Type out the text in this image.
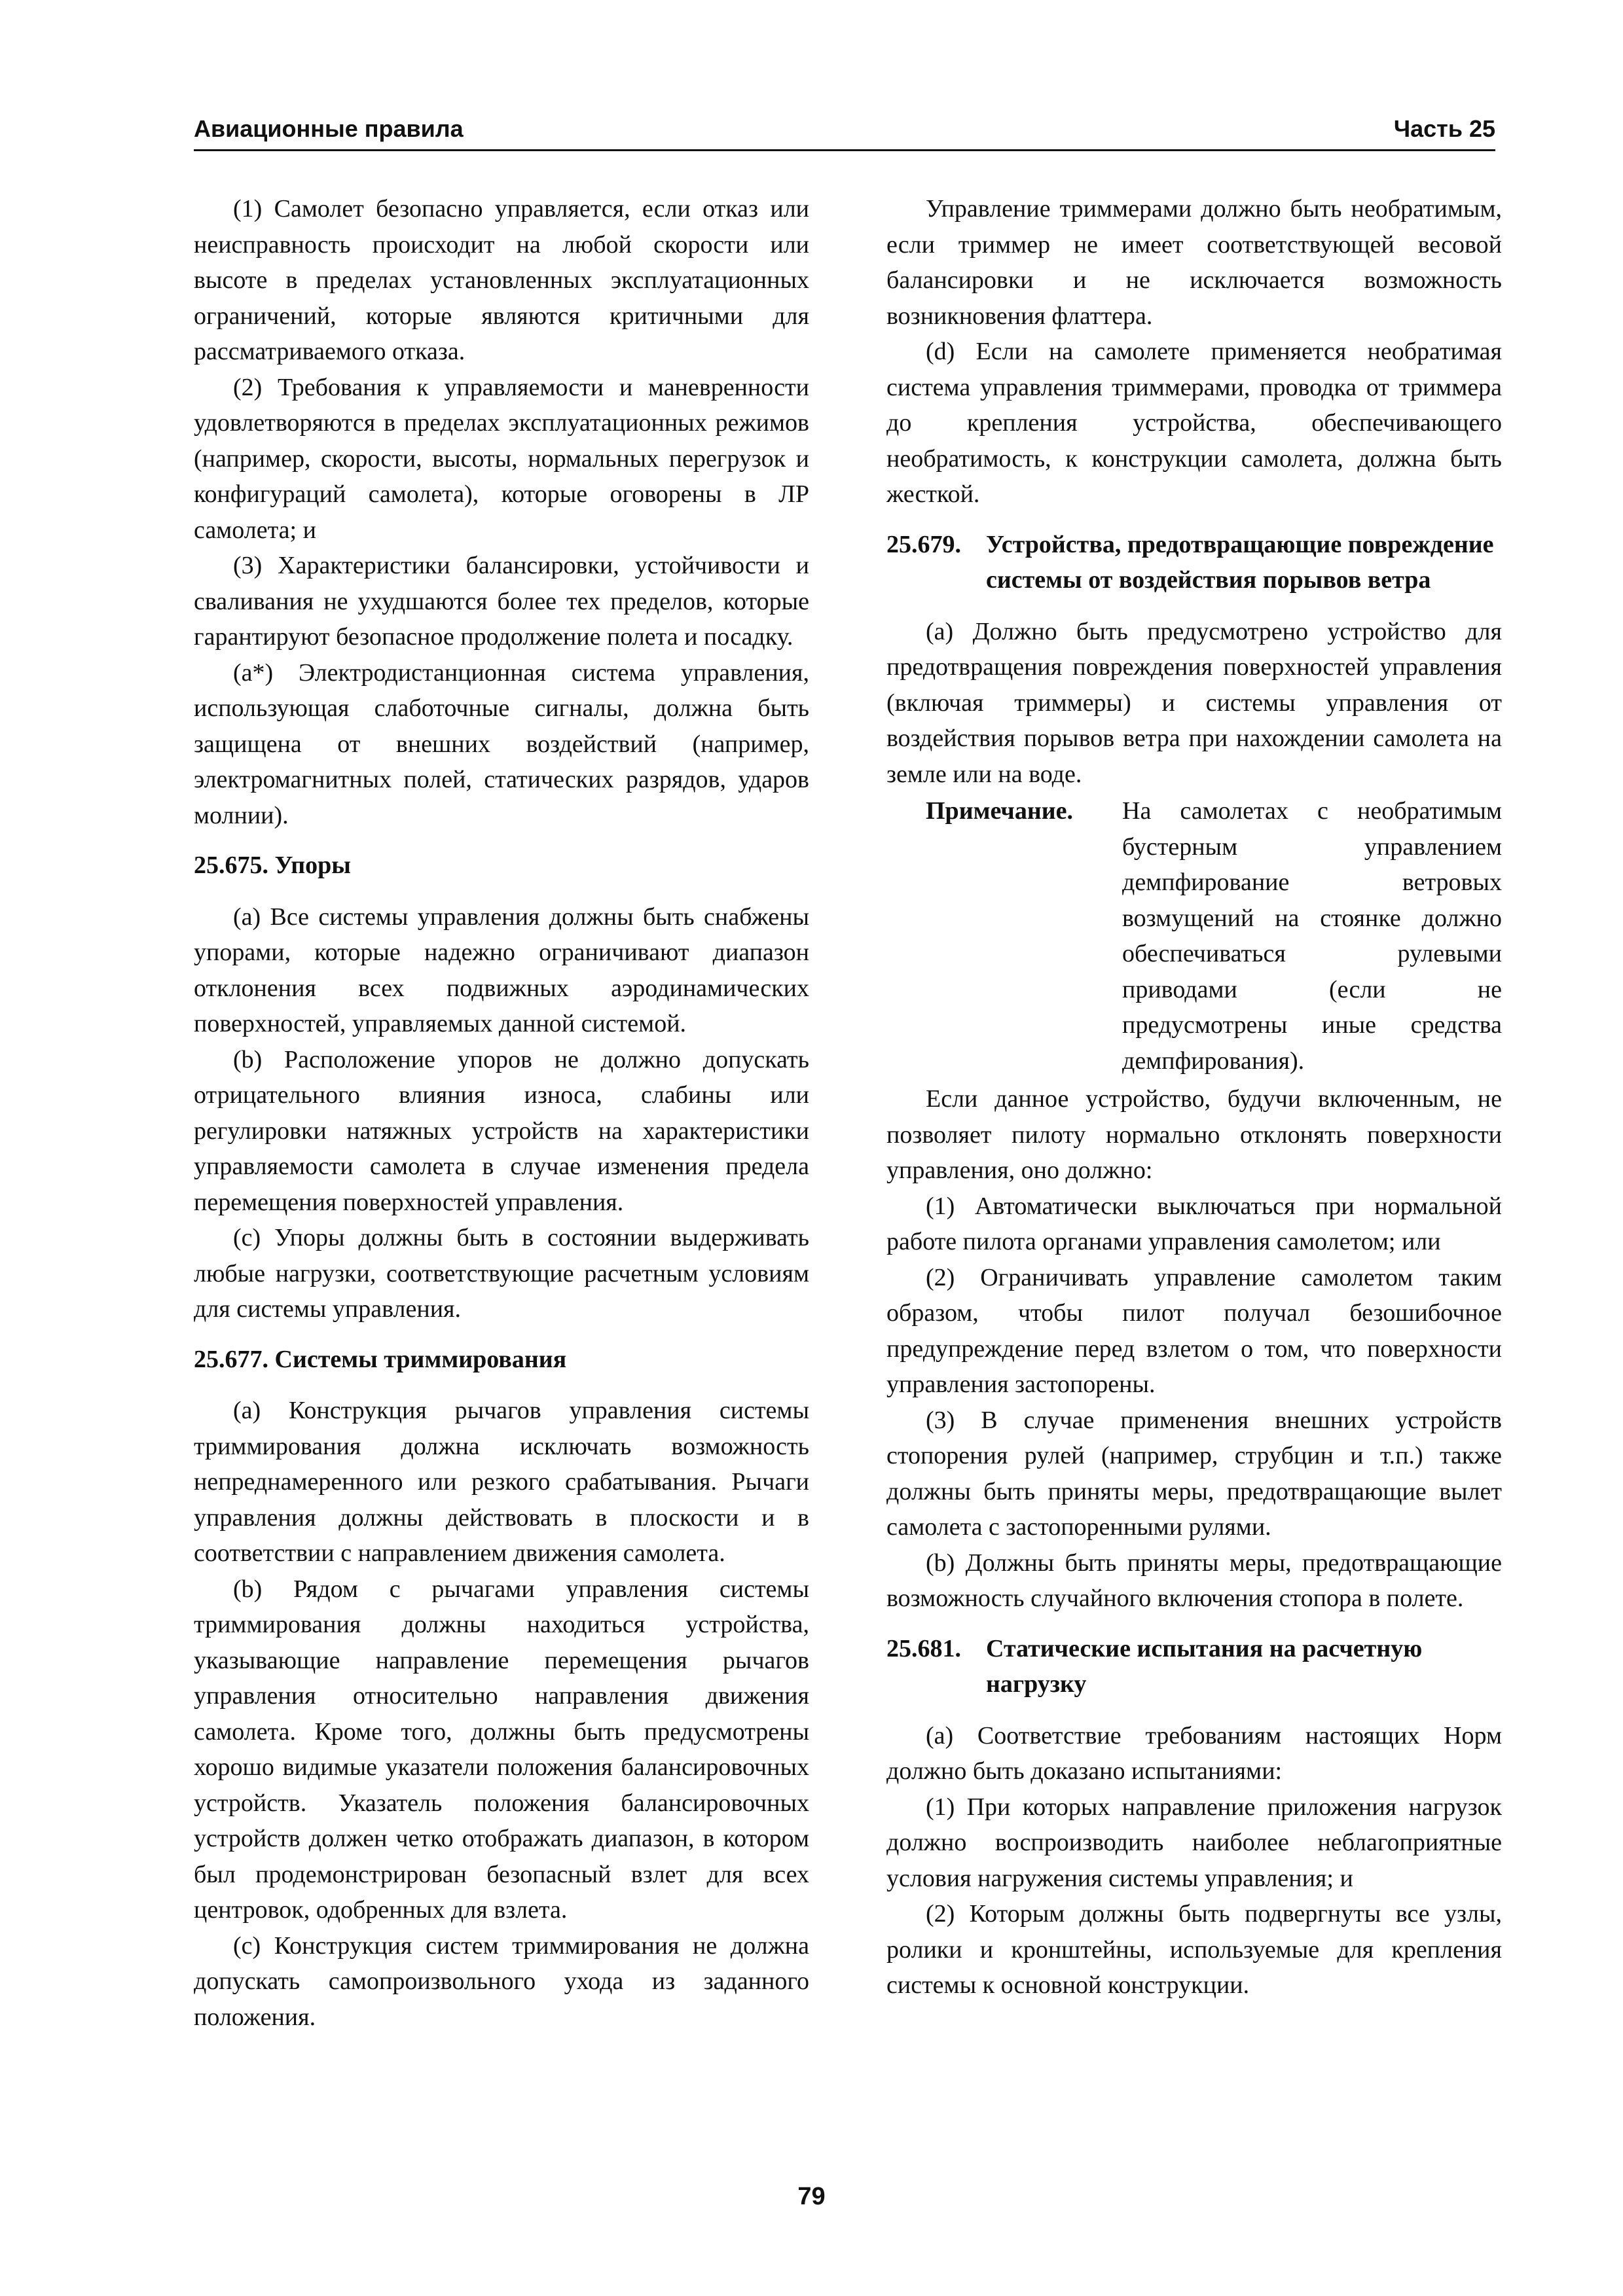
Авиационные правила	Часть 25

(1) Самолет безопасно управляется, если отказ или неисправность происходит на любой скорости или высоте в пределах установленных эксплуатационных ограничений, которые являются критичными для рассматриваемого отказа.

(2) Требования к управляемости и маневренности удовлетворяются в пределах эксплуатационных режимов (например, скорости, высоты, нормальных перегрузок и конфигураций самолета), которые оговорены в ЛР самолета; и

(3) Характеристики балансировки, устойчивости и сваливания не ухудшаются более тех пределов, которые гарантируют безопасное продолжение полета и посадку.

(а*) Электродистанционная система управления, использующая слаботочные сигналы, должна быть защищена от внешних воздействий (например, электромагнитных полей, статических разрядов, ударов молнии).

25.675. Упоры

(a) Все системы управления должны быть снабжены упорами, которые надежно ограничивают диапазон отклонения всех подвижных аэродинамических поверхностей, управляемых данной системой.

(b) Расположение упоров не должно допускать отрицательного влияния износа, слабины или регулировки натяжных устройств на характеристики управляемости самолета в случае изменения предела перемещения поверхностей управления.

(c) Упоры должны быть в состоянии выдерживать любые нагрузки, соответствующие расчетным условиям для системы управления.

25.677. Системы триммирования

(a) Конструкция рычагов управления системы триммирования должна исключать возможность непреднамеренного или резкого срабатывания. Рычаги управления должны действовать в плоскости и в соответствии с направлением движения самолета.

(b) Рядом с рычагами управления системы триммирования должны находиться устройства, указывающие направление перемещения рычагов управления относительно направления движения самолета. Кроме того, должны быть предусмотрены хорошо видимые указатели положения балансировочных устройств. Указатель положения балансировочных устройств должен четко отображать диапазон, в котором был продемонстрирован безопасный взлет для всех центровок, одобренных для взлета.

(c) Конструкция систем триммирования не должна допускать самопроизвольного ухода из заданного положения.

Управление триммерами должно быть необратимым, если триммер не имеет соответствующей весовой балансировки и не исключается возможность возникновения флаттера.

(d) Если на самолете применяется необратимая система управления триммерами, проводка от триммера до крепления устройства, обеспечивающего необратимость, к конструкции самолета, должна быть жесткой.

25.679.	Устройства, предотвращающие повреждение системы от воздействия порывов ветра

(a) Должно быть предусмотрено устройство для предотвращения повреждения поверхностей управления (включая триммеры) и системы управления от воздействия порывов ветра при нахождении самолета на земле или на воде.

Примечание.	На самолетах с необратимым бустерным управлением демпфирование ветровых возмущений на стоянке должно обеспечиваться рулевыми приводами (если не предусмотрены иные средства демпфирования).

Если данное устройство, будучи включенным, не позволяет пилоту нормально отклонять поверхности управления, оно должно:

(1) Автоматически выключаться при нормальной работе пилота органами управления самолетом; или

(2) Ограничивать управление самолетом таким образом, чтобы пилот получал безошибочное предупреждение перед взлетом о том, что поверхности управления застопорены.

(3) В случае применения внешних устройств стопорения рулей (например, струбцин и т.п.) также должны быть приняты меры, предотвращающие вылет самолета с застопоренными рулями.

(b) Должны быть приняты меры, предотвращающие возможность случайного включения стопора в полете.

25.681.	Статические испытания на расчетную нагрузку

(a) Соответствие требованиям настоящих Норм должно быть доказано испытаниями:

(1) При которых направление приложения нагрузок должно воспроизводить наиболее неблагоприятные условия нагружения системы управления; и

(2) Которым должны быть подвергнуты все узлы, ролики и кронштейны, используемые для крепления системы к основной конструкции.

79
